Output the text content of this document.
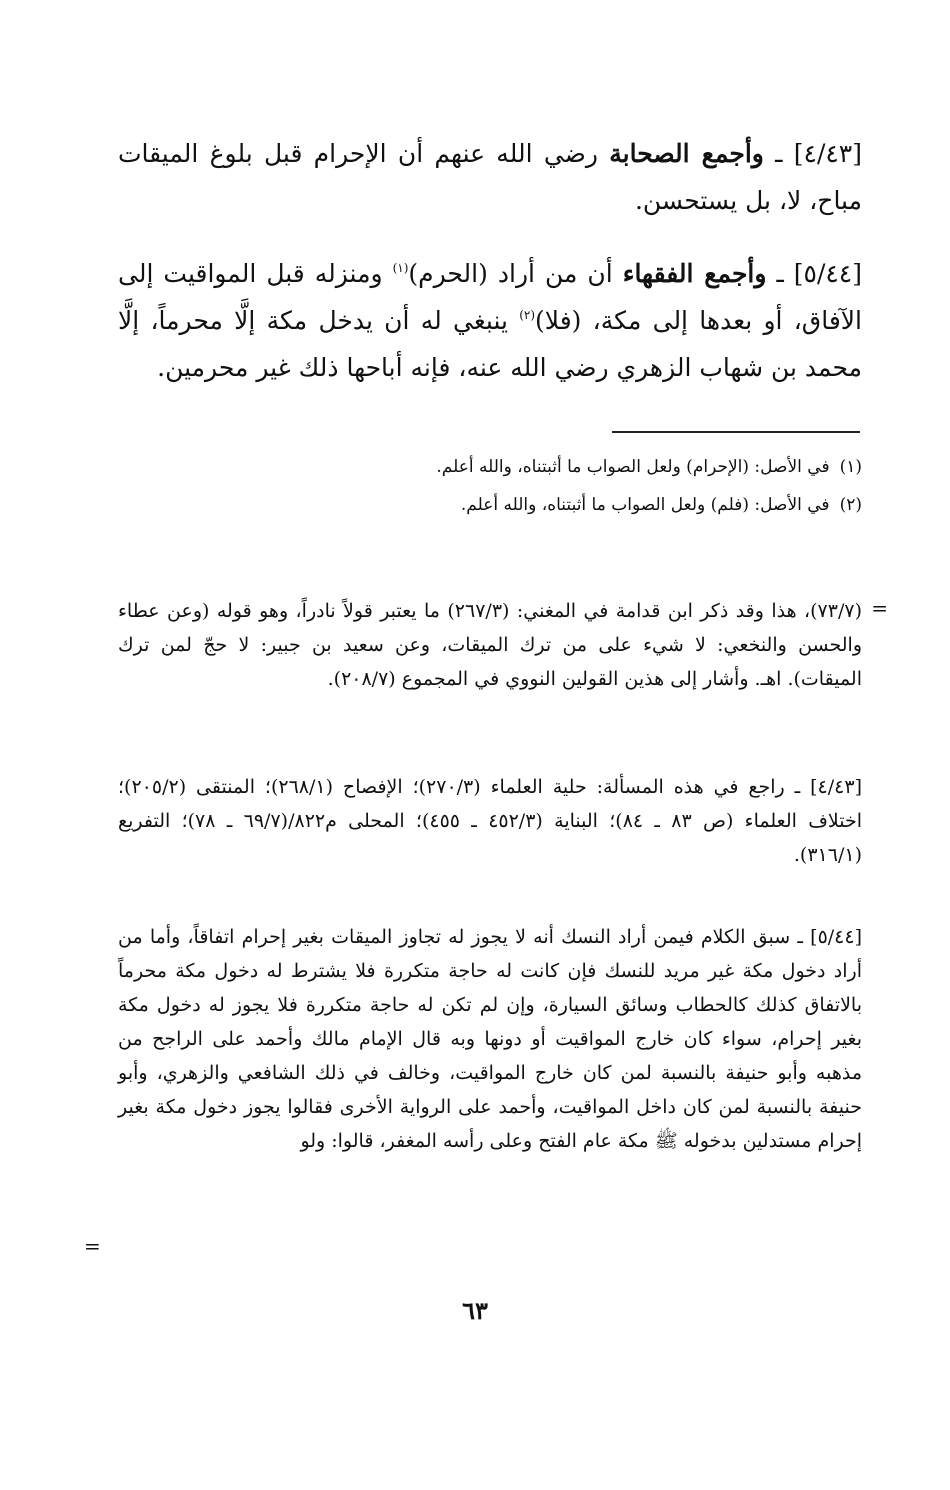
[٤/٤٣] ـ وأجمع الصحابة رضي الله عنهم أن الإحرام قبل بلوغ الميقات مباح، لا، بل يستحسن.

[٥/٤٤] ـ وأجمع الفقهاء أن من أراد (الحرم)$^{(١)}$ ومنزله قبل المواقيت إلى الآفاق، أو بعدها إلى مكة، (فلا)$^{(٢)}$ ينبغي له أن يدخل مكة إلَّا محرماً، إلَّا محمد بن شهاب الزهري رضي الله عنه، فإنه أباحها ذلك غير محرمين.

(١)في الأصل: (الإحرام) ولعل الصواب ما أثبتناه، والله أعلم.

(٢)في الأصل: (فلم) ولعل الصواب ما أثبتناه، والله أعلم.

=

(٧٣/٧)، هذا وقد ذكر ابن قدامة في المغني: (٢٦٧/٣) ما يعتبر قولاً نادراً، وهو قوله (وعن عطاء والحسن والنخعي: لا شيء على من ترك الميقات، وعن سعيد بن جبير: لا حجّ لمن ترك الميقات). اهـ. وأشار إلى هذين القولين النووي في المجموع (٢٠٨/٧).

[٤/٤٣] ـ راجع في هذه المسألة: حلية العلماء (٢٧٠/٣)؛ الإفصاح (٢٦٨/١)؛ المنتقى (٢٠٥/٢)؛ اختلاف العلماء (ص ٨٣ ـ ٨٤)؛ البناية (٤٥٢/٣ ـ ٤٥٥)؛ المحلى م٨٢٢/(٦٩/٧ ـ ٧٨)؛ التفريع (٣١٦/١).

[٥/٤٤] ـ سبق الكلام فيمن أراد النسك أنه لا يجوز له تجاوز الميقات بغير إحرام اتفاقاً، وأما من أراد دخول مكة غير مريد للنسك فإن كانت له حاجة متكررة فلا يشترط له دخول مكة محرماً بالاتفاق كذلك كالحطاب وسائق السيارة، وإن لم تكن له حاجة متكررة فلا يجوز له دخول مكة بغير إحرام، سواء كان خارج المواقيت أو دونها وبه قال الإمام مالك وأحمد على الراجح من مذهبه وأبو حنيفة بالنسبة لمن كان خارج المواقيت، وخالف في ذلك الشافعي والزهري، وأبو حنيفة بالنسبة لمن كان داخل المواقيت، وأحمد على الرواية الأخرى فقالوا يجوز دخول مكة بغير إحرام مستدلين بدخوله ﷺ مكة عام الفتح وعلى رأسه المغفر، قالوا: ولو

=
٦٣
